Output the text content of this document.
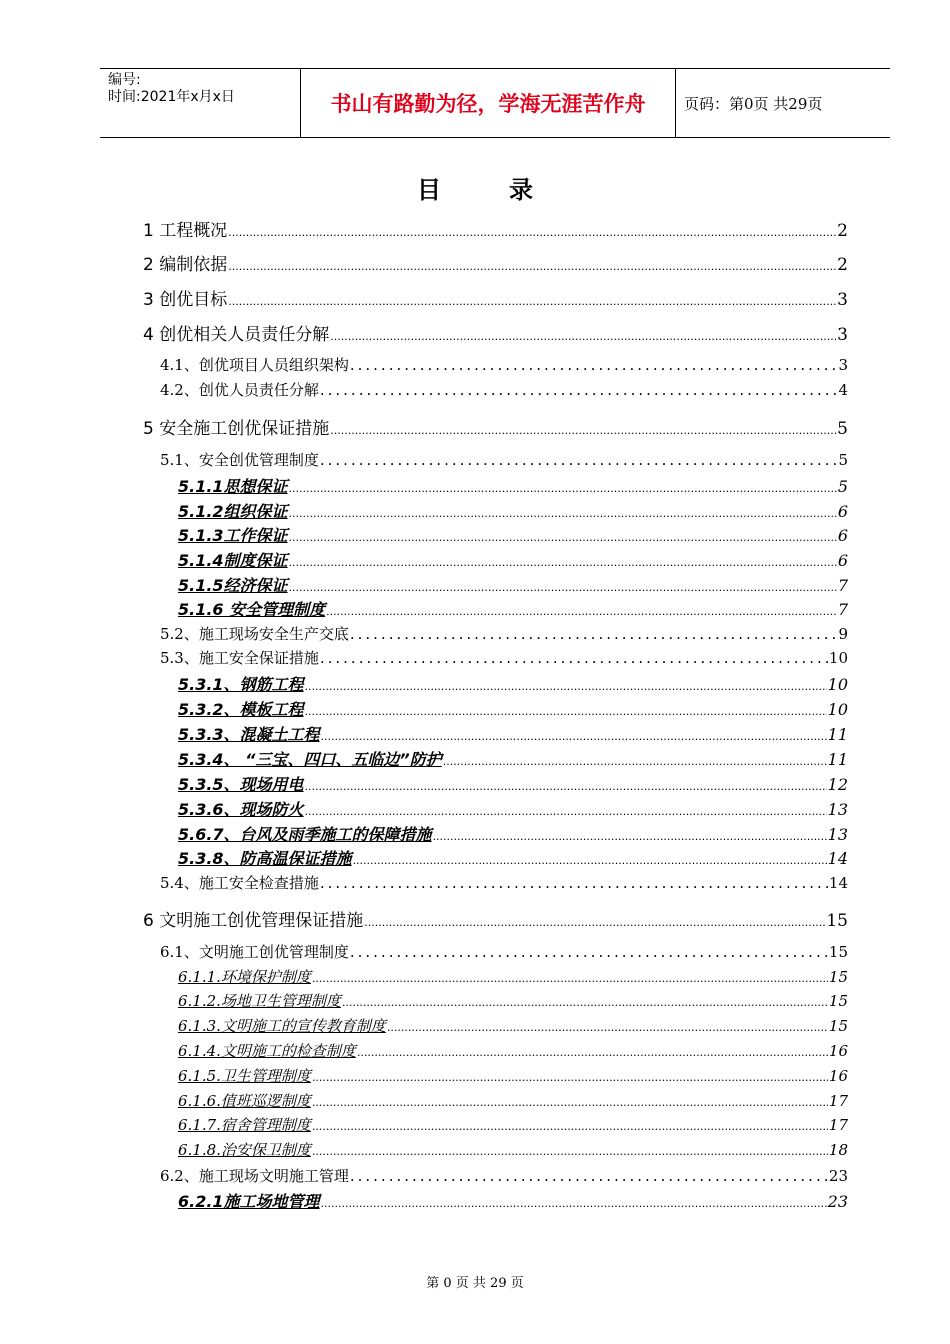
编号:
时间:2021年x月x日	书山有路勤为径，学海无涯苦作舟	页码：第0页 共29页
目	录
1 工程概况 .....	2
2 编制依据 .....	2
3 创优目标 .....	3
4 创优相关人员责任分解 .....	3
4.1、创优项目人员组织架构 .....	3
4.2、创优人员责任分解 .....	4
5 安全施工创优保证措施 .....	5
5.1、安全创优管理制度 .....	5
5.1.1思想保证 .....	5
5.1.2组织保证 .....	6
5.1.3工作保证 .....	6
5.1.4制度保证 .....	6
5.1.5经济保证 .....	7
5.1.6 安全管理制度 .....	7
5.2、施工现场安全生产交底 .....	9
5.3、施工安全保证措施 .....	10
5.3.1、钢筋工程 .....	10
5.3.2、模板工程 .....	10
5.3.3、混凝土工程 .....	11
5.3.4、 “三宝、四口、五临边”防护 .....	11
5.3.5、现场用电 .....	12
5.3.6、现场防火 .....	13
5.6.7、台风及雨季施工的保障措施 .....	13
5.3.8、防高温保证措施 .....	14
5.4、施工安全检查措施 .....	14
6 文明施工创优管理保证措施 .....	15
6.1、文明施工创优管理制度 .....	15
6.1.1.环境保护制度 .....	15
6.1.2.场地卫生管理制度 .....	15
6.1.3.文明施工的宣传教育制度 .....	15
6.1.4.文明施工的检查制度 .....	16
6.1.5.卫生管理制度 .....	16
6.1.6.值班巡逻制度 .....	17
6.1.7.宿舍管理制度 .....	17
6.1.8.治安保卫制度 .....	18
6.2、施工现场文明施工管理 .....	23
6.2.1施工场地管理 .....	23
第 0 页 共 29 页
